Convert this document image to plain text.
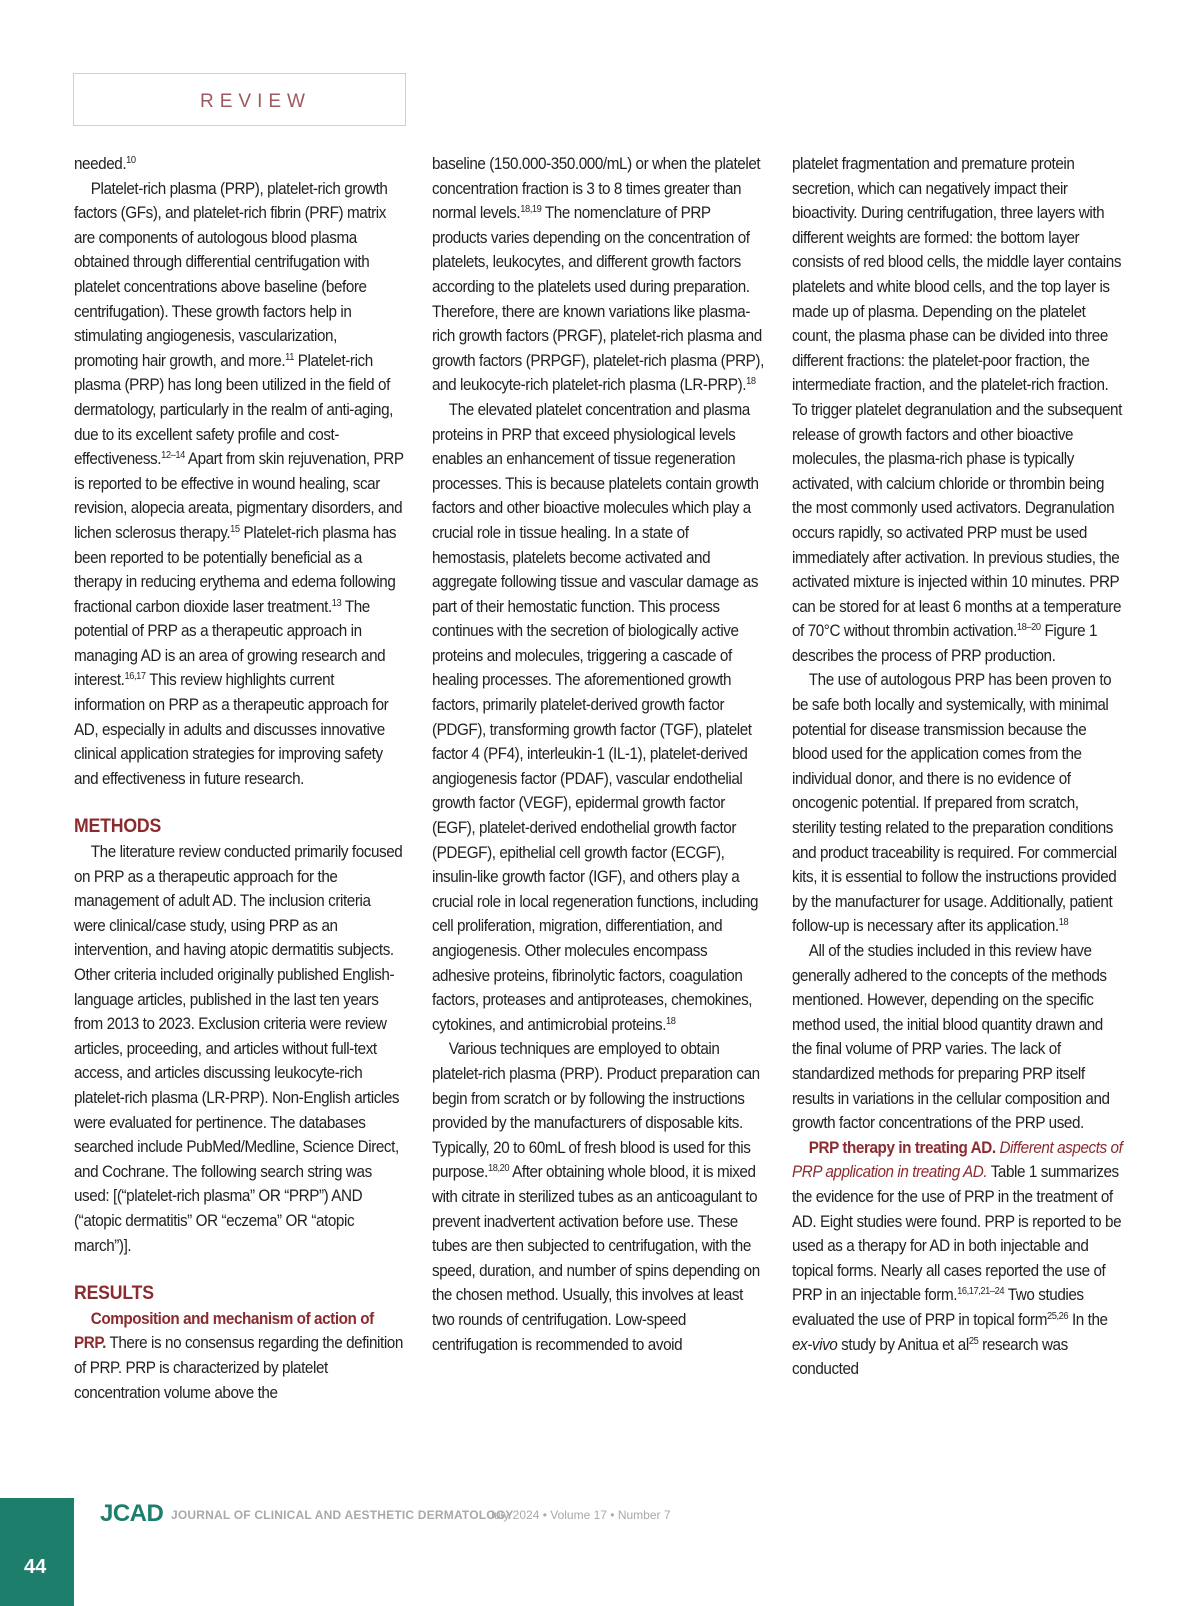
REVIEW

needed.$^{10}$

Platelet-rich plasma (PRP), platelet-rich growth factors (GFs), and platelet-rich fibrin (PRF) matrix are components of autologous blood plasma obtained through differential centrifugation with platelet concentrations above baseline (before centrifugation). These growth factors help in stimulating angiogenesis, vascularization, promoting hair growth, and more.$^{11}$ Platelet-rich plasma (PRP) has long been utilized in the field of dermatology, particularly in the realm of anti-aging, due to its excellent safety profile and cost-effectiveness.$^{12-14}$ Apart from skin rejuvenation, PRP is reported to be effective in wound healing, scar revision, alopecia areata, pigmentary disorders, and lichen sclerosus therapy.$^{15}$ Platelet-rich plasma has been reported to be potentially beneficial as a therapy in reducing erythema and edema following fractional carbon dioxide laser treatment.$^{13}$ The potential of PRP as a therapeutic approach in managing AD is an area of growing research and interest.$^{16,17}$ This review highlights current information on PRP as a therapeutic approach for AD, especially in adults and discusses innovative clinical application strategies for improving safety and effectiveness in future research.

METHODS

The literature review conducted primarily focused on PRP as a therapeutic approach for the management of adult AD. The inclusion criteria were clinical/case study, using PRP as an intervention, and having atopic dermatitis subjects. Other criteria included originally published English-language articles, published in the last ten years from 2013 to 2023. Exclusion criteria were review articles, proceeding, and articles without full-text access, and articles discussing leukocyte-rich platelet-rich plasma (LR-PRP). Non-English articles were evaluated for pertinence. The databases searched include PubMed/Medline, Science Direct, and Cochrane. The following search string was used: [(“platelet-rich plasma” OR “PRP”) AND (“atopic dermatitis” OR “eczema” OR “atopic march”)].

RESULTS

Composition and mechanism of action of PRP. There is no consensus regarding the definition of PRP. PRP is characterized by platelet concentration volume above the

baseline (150.000-350.000/mL) or when the platelet concentration fraction is 3 to 8 times greater than normal levels.$^{18,19}$ The nomenclature of PRP products varies depending on the concentration of platelets, leukocytes, and different growth factors according to the platelets used during preparation. Therefore, there are known variations like plasma-rich growth factors (PRGF), platelet-rich plasma and growth factors (PRPGF), platelet-rich plasma (PRP), and leukocyte-rich platelet-rich plasma (LR-PRP).$^{18}$

The elevated platelet concentration and plasma proteins in PRP that exceed physiological levels enables an enhancement of tissue regeneration processes. This is because platelets contain growth factors and other bioactive molecules which play a crucial role in tissue healing. In a state of hemostasis, platelets become activated and aggregate following tissue and vascular damage as part of their hemostatic function. This process continues with the secretion of biologically active proteins and molecules, triggering a cascade of healing processes. The aforementioned growth factors, primarily platelet-derived growth factor (PDGF), transforming growth factor (TGF), platelet factor 4 (PF4), interleukin-1 (IL-1), platelet-derived angiogenesis factor (PDAF), vascular endothelial growth factor (VEGF), epidermal growth factor (EGF), platelet-derived endothelial growth factor (PDEGF), epithelial cell growth factor (ECGF), insulin-like growth factor (IGF), and others play a crucial role in local regeneration functions, including cell proliferation, migration, differentiation, and angiogenesis. Other molecules encompass adhesive proteins, fibrinolytic factors, coagulation factors, proteases and antiproteases, chemokines, cytokines, and antimicrobial proteins.$^{18}$

Various techniques are employed to obtain platelet-rich plasma (PRP). Product preparation can begin from scratch or by following the instructions provided by the manufacturers of disposable kits. Typically, 20 to 60mL of fresh blood is used for this purpose.$^{18,20}$ After obtaining whole blood, it is mixed with citrate in sterilized tubes as an anticoagulant to prevent inadvertent activation before use. These tubes are then subjected to centrifugation, with the speed, duration, and number of spins depending on the chosen method. Usually, this involves at least two rounds of centrifugation. Low-speed centrifugation is recommended to avoid

platelet fragmentation and premature protein secretion, which can negatively impact their bioactivity. During centrifugation, three layers with different weights are formed: the bottom layer consists of red blood cells, the middle layer contains platelets and white blood cells, and the top layer is made up of plasma. Depending on the platelet count, the plasma phase can be divided into three different fractions: the platelet-poor fraction, the intermediate fraction, and the platelet-rich fraction. To trigger platelet degranulation and the subsequent release of growth factors and other bioactive molecules, the plasma-rich phase is typically activated, with calcium chloride or thrombin being the most commonly used activators. Degranulation occurs rapidly, so activated PRP must be used immediately after activation. In previous studies, the activated mixture is injected within 10 minutes. PRP can be stored for at least 6 months at a temperature of 70°C without thrombin activation.$^{18-20}$ Figure 1 describes the process of PRP production.

The use of autologous PRP has been proven to be safe both locally and systemically, with minimal potential for disease transmission because the blood used for the application comes from the individual donor, and there is no evidence of oncogenic potential. If prepared from scratch, sterility testing related to the preparation conditions and product traceability is required. For commercial kits, it is essential to follow the instructions provided by the manufacturer for usage. Additionally, patient follow-up is necessary after its application.$^{18}$

All of the studies included in this review have generally adhered to the concepts of the methods mentioned. However, depending on the specific method used, the initial blood quantity drawn and the final volume of PRP varies. The lack of standardized methods for preparing PRP itself results in variations in the cellular composition and growth factor concentrations of the PRP used.

PRP therapy in treating AD. Different aspects of PRP application in treating AD. Table 1 summarizes the evidence for the use of PRP in the treatment of AD. Eight studies were found. PRP is reported to be used as a therapy for AD in both injectable and topical forms. Nearly all cases reported the use of PRP in an injectable form.$^{16,17,21-24}$ Two studies evaluated the use of PRP in topical form$^{25,26}$ In the ex-vivo study by Anitua et $al^{25}$ research was conducted

44
JCAD JOURNAL OF CLINICAL AND AESTHETIC DERMATOLOGY
July 2024 • Volume 17 • Number 7
